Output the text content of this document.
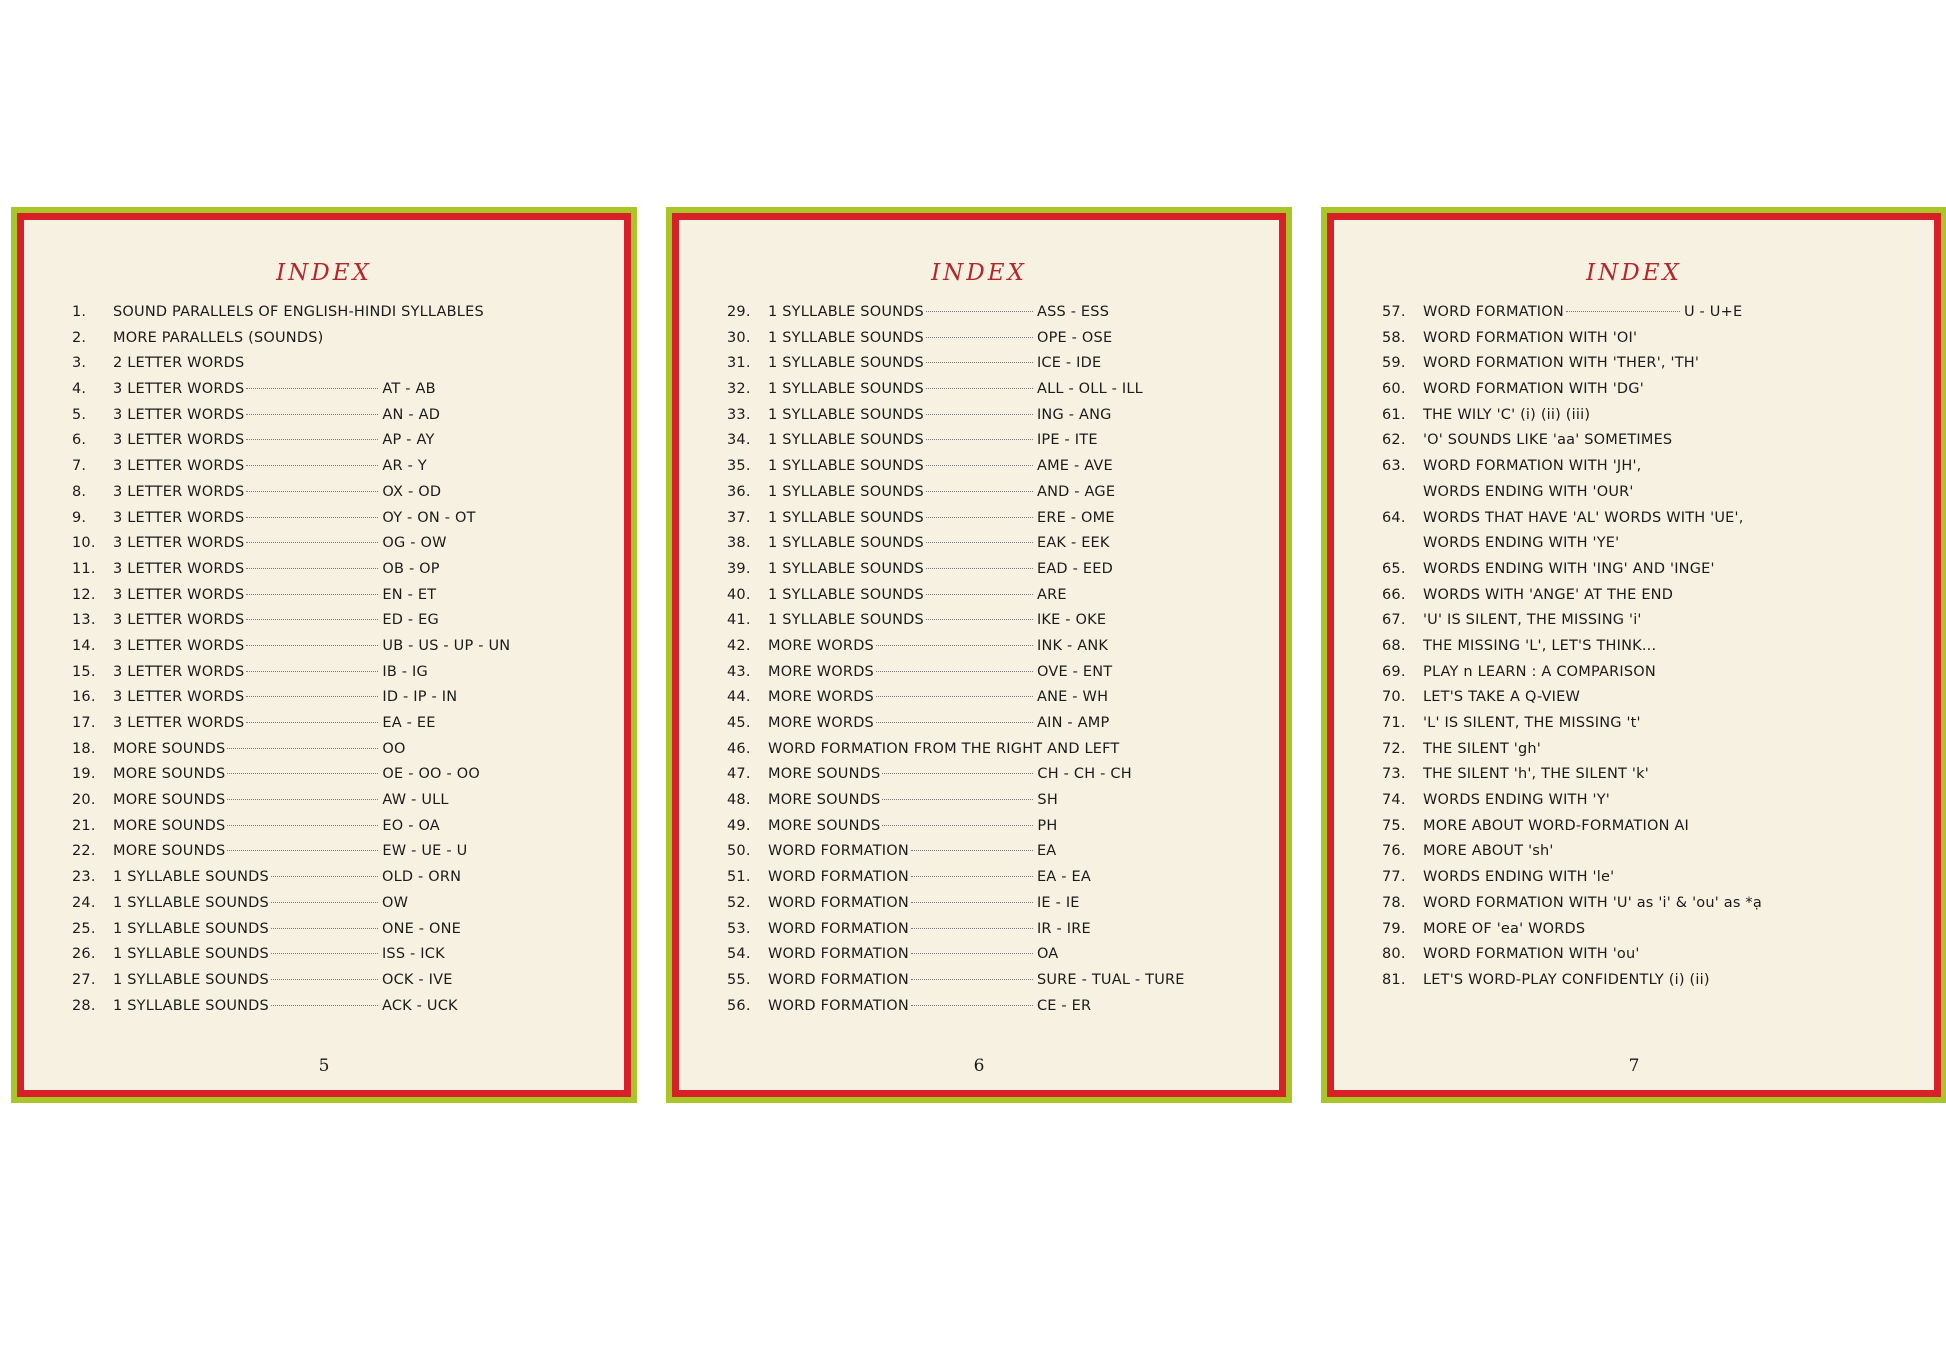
INDEX
1.	SOUND PARALLELS OF ENGLISH-HINDI SYLLABLES
2.	MORE PARALLELS (SOUNDS)
3.	2 LETTER WORDS
4.	3 LETTER WORDS	AT - AB
5.	3 LETTER WORDS	AN - AD
6.	3 LETTER WORDS	AP - AY
7.	3 LETTER WORDS	AR - Y
8.	3 LETTER WORDS	OX - OD
9.	3 LETTER WORDS	OY - ON - OT
10.	3 LETTER WORDS	OG - OW
11.	3 LETTER WORDS	OB - OP
12.	3 LETTER WORDS	EN - ET
13.	3 LETTER WORDS	ED - EG
14.	3 LETTER WORDS	UB - US - UP - UN
15.	3 LETTER WORDS	IB - IG
16.	3 LETTER WORDS	ID - IP - IN
17.	3 LETTER WORDS	EA - EE
18.	MORE SOUNDS	OO
19.	MORE SOUNDS	OE - OO - OO
20.	MORE SOUNDS	AW - ULL
21.	MORE SOUNDS	EO - OA
22.	MORE SOUNDS	EW - UE - U
23.	1 SYLLABLE SOUNDS	OLD - ORN
24.	1 SYLLABLE SOUNDS	OW
25.	1 SYLLABLE SOUNDS	ONE - ONE
26.	1 SYLLABLE SOUNDS	ISS - ICK
27.	1 SYLLABLE SOUNDS	OCK - IVE
28.	1 SYLLABLE SOUNDS	ACK - UCK
5
INDEX
29.	1 SYLLABLE SOUNDS	ASS - ESS
30.	1 SYLLABLE SOUNDS	OPE - OSE
31.	1 SYLLABLE SOUNDS	ICE - IDE
32.	1 SYLLABLE SOUNDS	ALL - OLL - ILL
33.	1 SYLLABLE SOUNDS	ING - ANG
34.	1 SYLLABLE SOUNDS	IPE - ITE
35.	1 SYLLABLE SOUNDS	AME - AVE
36.	1 SYLLABLE SOUNDS	AND - AGE
37.	1 SYLLABLE SOUNDS	ERE - OME
38.	1 SYLLABLE SOUNDS	EAK - EEK
39.	1 SYLLABLE SOUNDS	EAD - EED
40.	1 SYLLABLE SOUNDS	ARE
41.	1 SYLLABLE SOUNDS	IKE - OKE
42.	MORE WORDS	INK - ANK
43.	MORE WORDS	OVE - ENT
44.	MORE WORDS	ANE - WH
45.	MORE WORDS	AIN - AMP
46.	WORD FORMATION FROM THE RIGHT AND LEFT
47.	MORE SOUNDS	CH - CH - CH
48.	MORE SOUNDS	SH
49.	MORE SOUNDS	PH
50.	WORD FORMATION	EA
51.	WORD FORMATION	EA - EA
52.	WORD FORMATION	IE - IE
53.	WORD FORMATION	IR - IRE
54.	WORD FORMATION	OA
55.	WORD FORMATION	SURE - TUAL - TURE
56.	WORD FORMATION	CE - ER
6
INDEX
57.	WORD FORMATION	U - U+E
58.	WORD FORMATION WITH 'OI'
59.	WORD FORMATION WITH 'THER', 'TH'
60.	WORD FORMATION WITH 'DG'
61.	THE WILY 'C' (i) (ii) (iii)
62.	'O' SOUNDS LIKE 'aa' SOMETIMES
63.	WORD FORMATION WITH 'JH',
WORDS ENDING WITH 'OUR'
64.	WORDS THAT HAVE 'AL' WORDS WITH 'UE',
WORDS ENDING WITH 'YE'
65.	WORDS ENDING WITH 'ING' AND 'INGE'
66.	WORDS WITH 'ANGE' AT THE END
67.	'U' IS SILENT, THE MISSING 'i'
68.	THE MISSING 'L', LET'S THINK...
69.	PLAY n LEARN : A COMPARISON
70.	LET'S TAKE A Q-VIEW
71.	'L' IS SILENT, THE MISSING 't'
72.	THE SILENT 'gh'
73.	THE SILENT 'h', THE SILENT 'k'
74.	WORDS ENDING WITH 'Y'
75.	MORE ABOUT WORD-FORMATION AI
76.	MORE ABOUT 'sh'
77.	WORDS ENDING WITH 'le'
78.	WORD FORMATION WITH 'U' as 'i' & 'ou' as *ạ
79.	MORE OF 'ea' WORDS
80.	WORD FORMATION WITH 'ou'
81.	LET'S WORD-PLAY CONFIDENTLY (i) (ii)
7
